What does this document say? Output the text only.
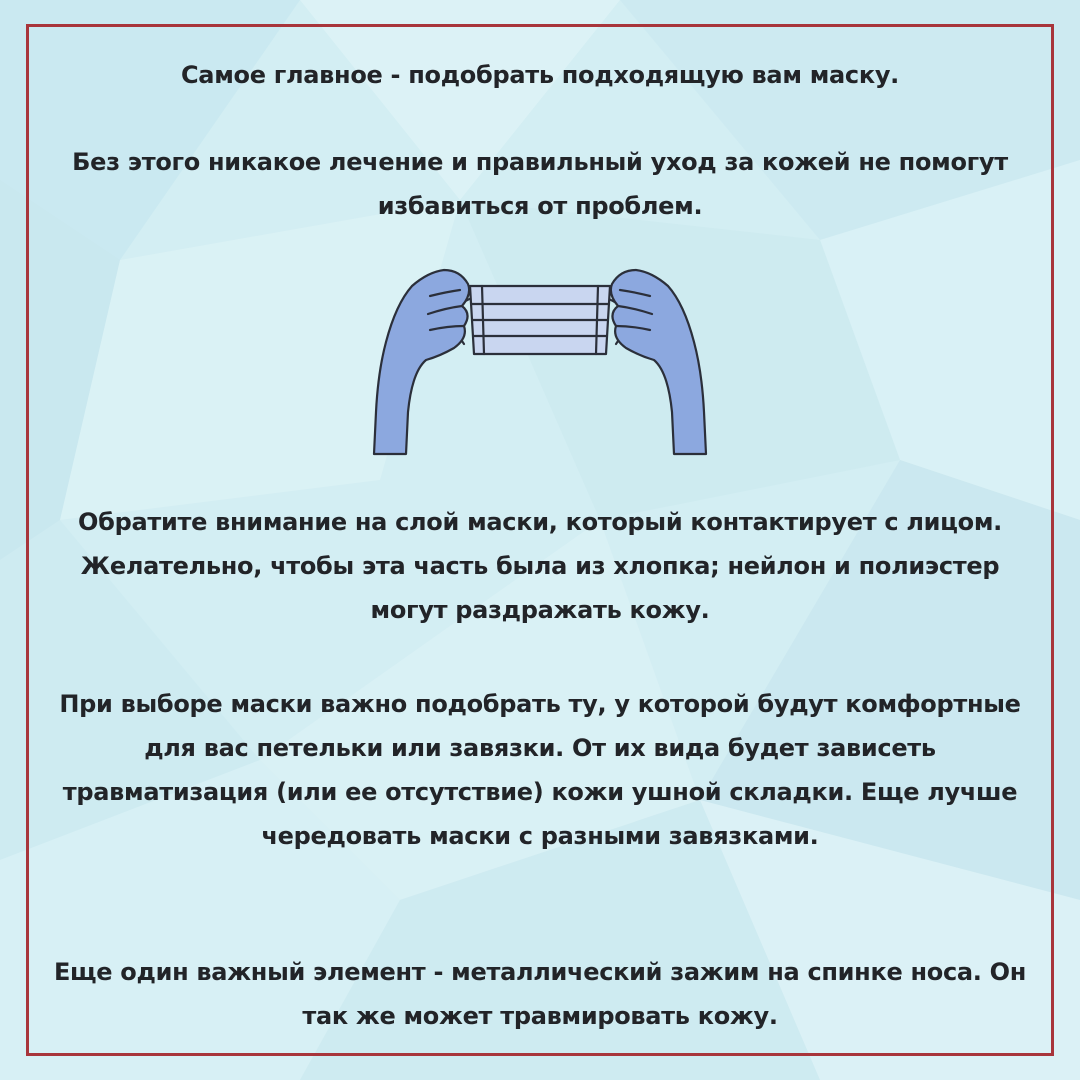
Самое главное - подобрать подходящую вам маску.

Без этого никакое лечение и правильный уход за кожей не помогут избавиться от проблем.

Обратите внимание на слой маски, который контактирует с лицом. Желательно, чтобы эта часть была из хлопка; нейлон и полиэстер могут раздражать кожу.

При выборе маски важно подобрать ту, у которой будут комфортные для вас петельки или завязки. От их вида будет зависеть травматизация (или ее отсутствие) кожи ушной складки. Еще лучше чередовать маски с разными завязками.

Еще один важный элемент - металлический зажим на спинке носа. Он так же может травмировать кожу.
